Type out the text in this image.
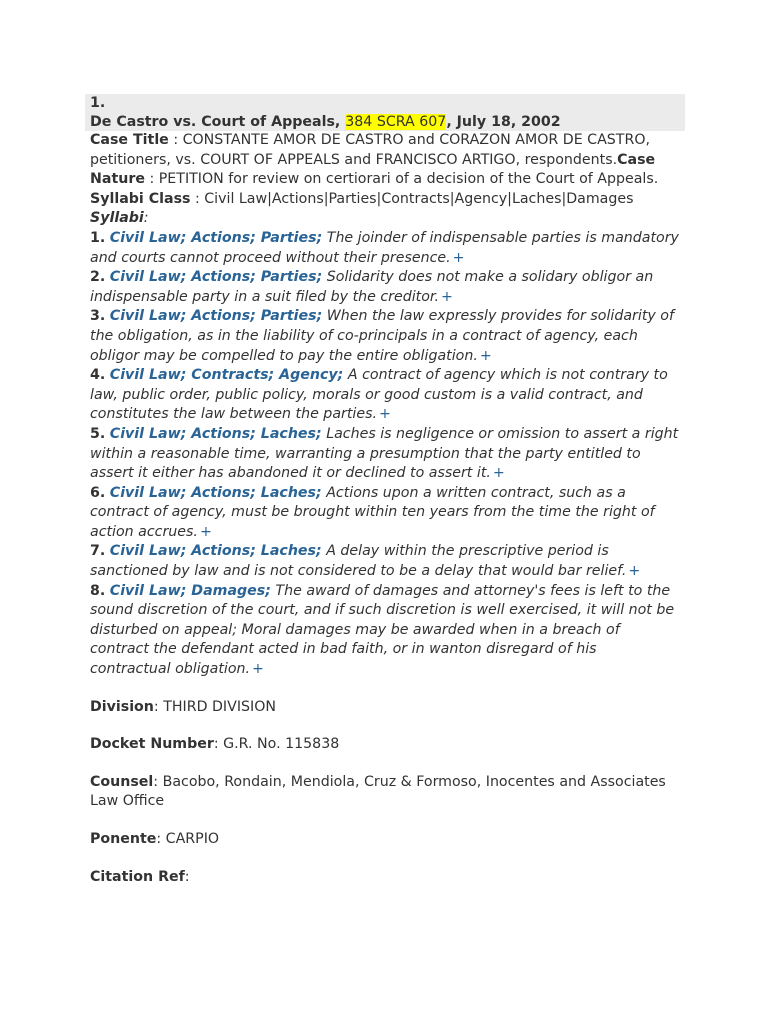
1.
De Castro vs. Court of Appeals, 384 SCRA 607, July 18, 2002
Case Title : CONSTANTE AMOR DE CASTRO and CORAZON AMOR DE CASTRO, petitioners, vs. COURT OF APPEALS and FRANCISCO ARTIGO, respondents.Case Nature : PETITION for review on certiorari of a decision of the Court of Appeals.
Syllabi Class : Civil Law|Actions|Parties|Contracts|Agency|Laches|Damages
Syllabi:
1. Civil Law; Actions; Parties; The joinder of indispensable parties is mandatory and courts cannot proceed without their presence. +
2. Civil Law; Actions; Parties; Solidarity does not make a solidary obligor an indispensable party in a suit filed by the creditor. +
3. Civil Law; Actions; Parties; When the law expressly provides for solidarity of the obligation, as in the liability of co-principals in a contract of agency, each obligor may be compelled to pay the entire obligation. +
4. Civil Law; Contracts; Agency; A contract of agency which is not contrary to law, public order, public policy, morals or good custom is a valid contract, and constitutes the law between the parties. +
5. Civil Law; Actions; Laches; Laches is negligence or omission to assert a right within a reasonable time, warranting a presumption that the party entitled to assert it either has abandoned it or declined to assert it. +
6. Civil Law; Actions; Laches; Actions upon a written contract, such as a contract of agency, must be brought within ten years from the time the right of action accrues. +
7. Civil Law; Actions; Laches; A delay within the prescriptive period is sanctioned by law and is not considered to be a delay that would bar relief. +
8. Civil Law; Damages; The award of damages and attorney's fees is left to the sound discretion of the court, and if such discretion is well exercised, it will not be disturbed on appeal; Moral damages may be awarded when in a breach of contract the defendant acted in bad faith, or in wanton disregard of his contractual obligation. +
Division: THIRD DIVISION
Docket Number: G.R. No. 115838
Counsel: Bacobo, Rondain, Mendiola, Cruz & Formoso, Inocentes and Associates Law Office
Ponente: CARPIO
Citation Ref:
